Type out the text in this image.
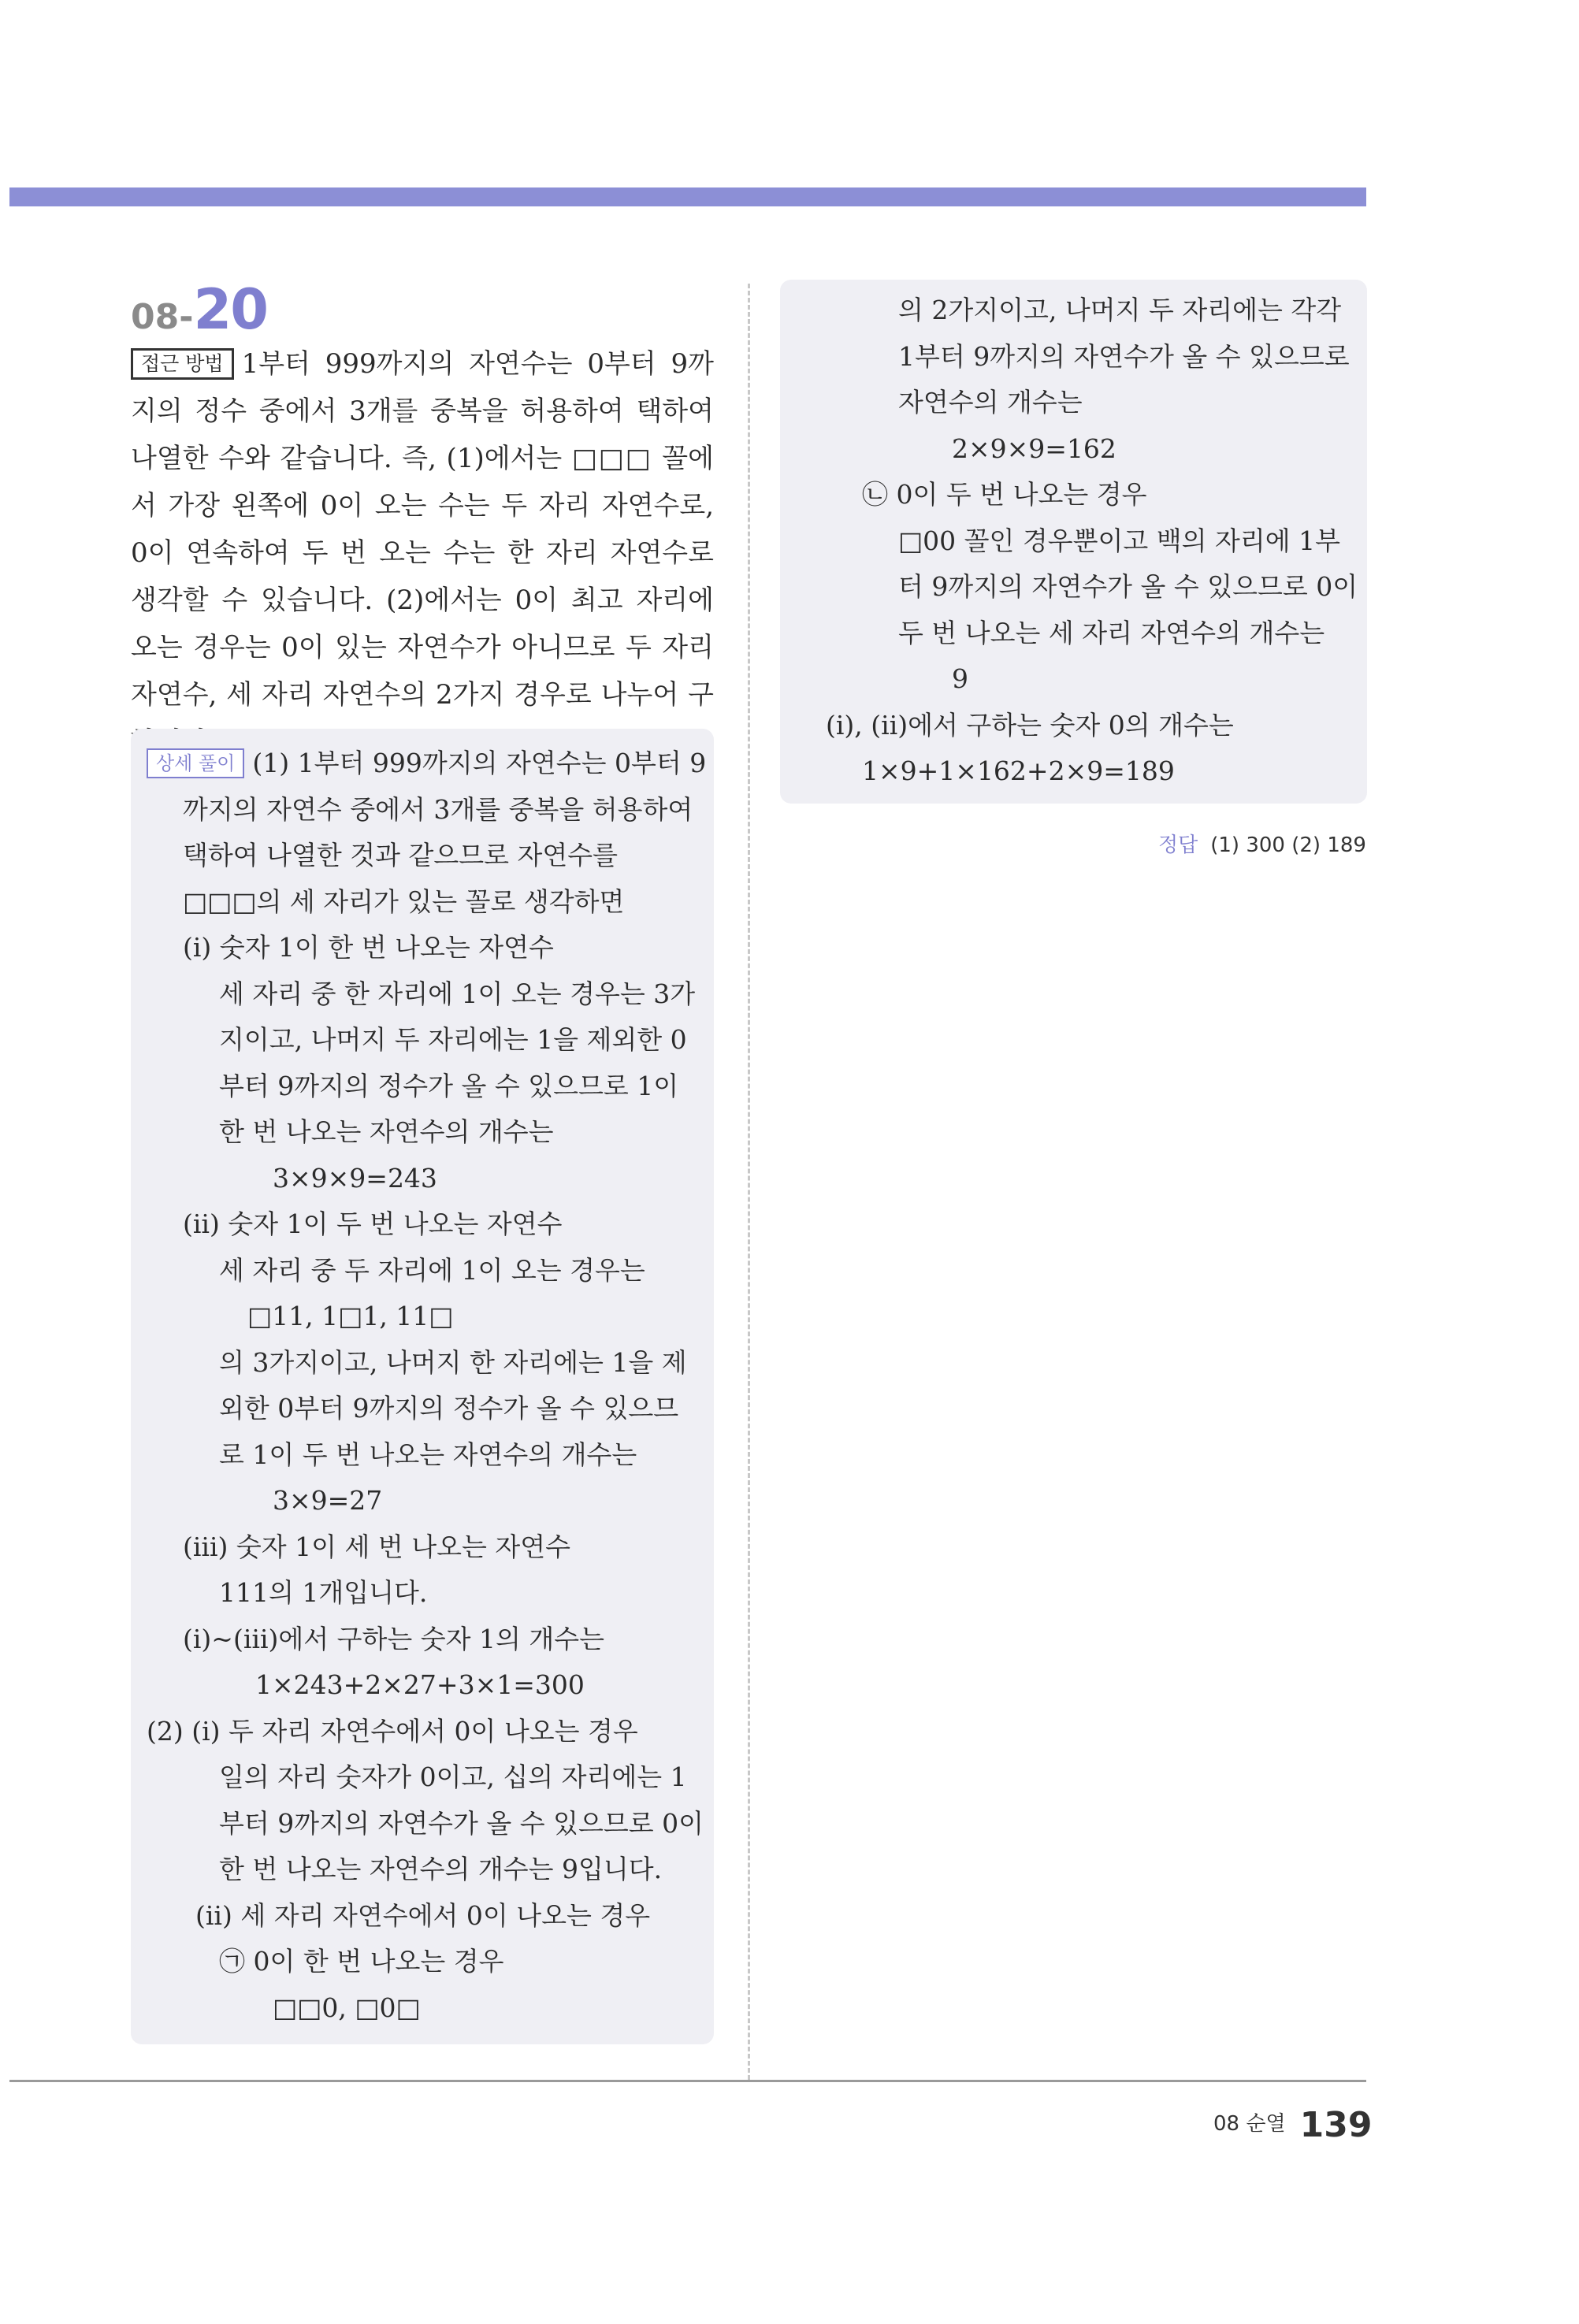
08-20
접근 방법 1부터 999까지의 자연수는 0부터 9까지의 정수 중에서 3개를 중복을 허용하여 택하여 나열한 수와 같습니다. 즉, (1)에서는 □□□ 꼴에서 가장 왼쪽에 0이 오는 수는 두 자리 자연수로, 0이 연속하여 두 번 오는 수는 한 자리 자연수로 생각할 수 있습니다. (2)에서는 0이 최고 자리에 오는 경우는 0이 있는 자연수가 아니므로 두 자리 자연수, 세 자리 자연수의 2가지 경우로 나누어 구
상세 풀이 (1) 1부터 999까지의 자연수는 0부터 9
까지의 자연수 중에서 3개를 중복을 허용하여
택하여 나열한 것과 같으므로 자연수를
□□□의 세 자리가 있는 꼴로 생각하면
(ⅰ) 숫자 1이 한 번 나오는 자연수
세 자리 중 한 자리에 1이 오는 경우는 3가
지이고, 나머지 두 자리에는 1을 제외한 0
부터 9까지의 정수가 올 수 있으므로 1이
한 번 나오는 자연수의 개수는
3×9×9=243
(ⅱ) 숫자 1이 두 번 나오는 자연수
세 자리 중 두 자리에 1이 오는 경우는
□11, 1□1, 11□
의 3가지이고, 나머지 한 자리에는 1을 제
외한 0부터 9까지의 정수가 올 수 있으므
로 1이 두 번 나오는 자연수의 개수는
3×9=27
(ⅲ) 숫자 1이 세 번 나오는 자연수
111의 1개입니다.
(ⅰ)~(ⅲ)에서 구하는 숫자 1의 개수는
1×243+2×27+3×1=300
(2) (ⅰ) 두 자리 자연수에서 0이 나오는 경우
일의 자리 숫자가 0이고, 십의 자리에는 1
부터 9까지의 자연수가 올 수 있으므로 0이
한 번 나오는 자연수의 개수는 9입니다.
(ⅱ) 세 자리 자연수에서 0이 나오는 경우
㉠ 0이 한 번 나오는 경우
□□0, □0□
의 2가지이고, 나머지 두 자리에는 각각
1부터 9까지의 자연수가 올 수 있으므로
자연수의 개수는
2×9×9=162
㉡ 0이 두 번 나오는 경우
□00 꼴인 경우뿐이고 백의 자리에 1부
터 9까지의 자연수가 올 수 있으므로 0이
두 번 나오는 세 자리 자연수의 개수는
9
(ⅰ), (ⅱ)에서 구하는 숫자 0의 개수는
1×9+1×162+2×9=189
정답 (1) 300 (2) 189
08 순열 139
